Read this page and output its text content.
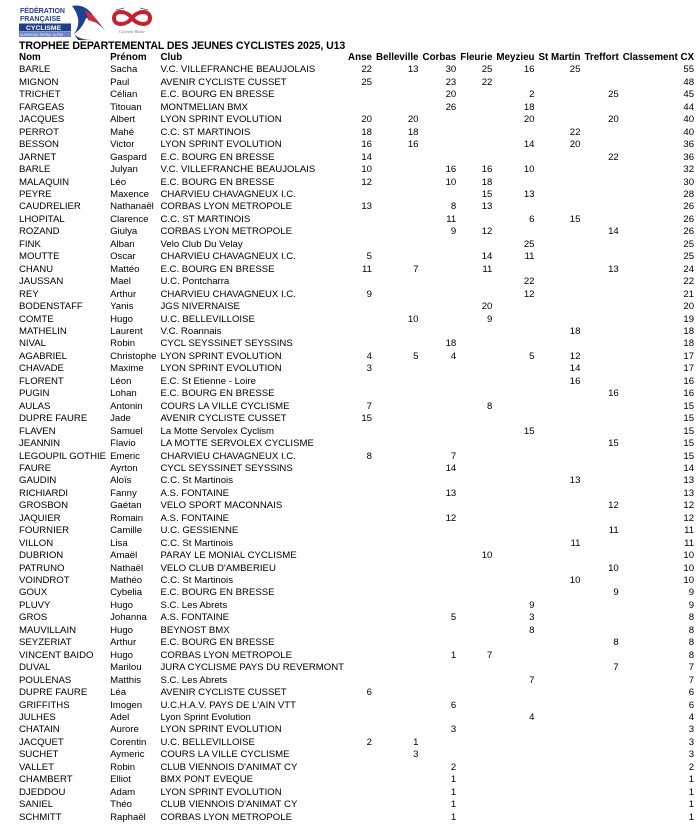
FÉDÉRATION
FRANÇAISE
CYCLISME
AUVERGNE-RHÔNE-ALPES
Cyclisme Rhône
TROPHEE DEPARTEMENTAL DES JEUNES CYCLISTES 2025, U13
Nom	Prénom	Club	Anse	Belleville	Corbas	Fleurie	Meyzieu	St Martin	Treffort	Classement CX
BARLE	Sacha	V.C. VILLEFRANCHE BEAUJOLAIS	22	13	30	25	16	25		55
MIGNON	Paul	AVENIR CYCLISTE CUSSET	25		23	22				48
TRICHET	Célian	E.C. BOURG EN BRESSE			20		2		25	45
FARGEAS	Titouan	MONTMELIAN BMX			26		18			44
JACQUES	Albert	LYON SPRINT EVOLUTION	20	20			20		20	40
PERROT	Mahé	C.C. ST MARTINOIS	18	18				22		40
BESSON	Victor	LYON SPRINT EVOLUTION	16	16			14	20		36
JARNET	Gaspard	E.C. BOURG EN BRESSE	14						22	36
BARLE	Julyan	V.C. VILLEFRANCHE BEAUJOLAIS	10		16	16	10			32
MALAQUIN	Léo	E.C. BOURG EN BRESSE	12		10	18				30
PEYRE	Maxence	CHARVIEU CHAVAGNEUX I.C.				15	13			28
CAUDRELIER	Nathanaël	CORBAS LYON METROPOLE	13		8	13				26
LHOPITAL	Clarence	C.C. ST MARTINOIS			11		6	15		26
ROZAND	Giulya	CORBAS LYON METROPOLE			9	12			14	26
FINK	Alban	Velo Club Du Velay					25			25
MOUTTE	Oscar	CHARVIEU CHAVAGNEUX I.C.	5			14	11			25
CHANU	Mattéo	E.C. BOURG EN BRESSE	11	7		11			13	24
JAUSSAN	Mael	U.C. Pontcharra					22			22
REY	Arthur	CHARVIEU CHAVAGNEUX I.C.	9				12			21
BODENSTAFF	Yanis	JGS NIVERNAISE				20				20
COMTE	Hugo	U.C. BELLEVILLOISE		10		9				19
MATHELIN	Laurent	V.C. Roannais						18		18
NIVAL	Robin	CYCL SEYSSINET SEYSSINS			18					18
AGABRIEL	Christophe	LYON SPRINT EVOLUTION	4	5	4		5	12		17
CHAVADE	Maxime	LYON SPRINT EVOLUTION	3					14		17
FLORENT	Léon	E.C. St Etienne - Loire						16		16
PUGIN	Lohan	E.C. BOURG EN BRESSE							16	16
AULAS	Antonin	COURS LA VILLE CYCLISME	7			8				15
DUPRE FAURE	Jade	AVENIR CYCLISTE CUSSET	15							15
FLAVEN	Samuel	La Motte Servolex Cyclism					15			15
JEANNIN	Flavio	LA MOTTE SERVOLEX CYCLISME							15	15
LEGOUPIL GOTHIE	Emeric	CHARVIEU CHAVAGNEUX I.C.	8		7					15
FAURE	Ayrton	CYCL SEYSSINET SEYSSINS			14					14
GAUDIN	Aloïs	C.C. St Martinois						13		13
RICHIARDI	Fanny	A.S. FONTAINE			13					13
GROSBON	Gaétan	VELO SPORT MACONNAIS							12	12
JAQUIER	Romain	A.S. FONTAINE			12					12
FOURNIER	Camille	U.C. GESSIENNE							11	11
VILLON	Lisa	C.C. St Martinois						11		11
DUBRION	Amaël	PARAY LE MONIAL CYCLISME				10				10
PATRUNO	Nathaël	VELO CLUB D'AMBERIEU							10	10
VOINDROT	Mathéo	C.C. St Martinois						10		10
GOUX	Cybelia	E.C. BOURG EN BRESSE							9	9
PLUVY	Hugo	S.C. Les Abrets					9			9
GROS	Johanna	A.S. FONTAINE			5		3			8
MAUVILLAIN	Hugo	BEYNOST BMX					8			8
SEYZERIAT	Arthur	E.C. BOURG EN BRESSE							8	8
VINCENT BAIDO	Hugo	CORBAS LYON METROPOLE			1	7				8
DUVAL	Marilou	JURA CYCLISME PAYS DU REVERMONT							7	7
POULENAS	Matthis	S.C. Les Abrets					7			7
DUPRE FAURE	Léa	AVENIR CYCLISTE CUSSET	6							6
GRIFFITHS	Imogen	U.C.H.A.V. PAYS DE L'AIN VTT			6					6
JULHES	Adel	Lyon Sprint Evolution					4			4
CHATAIN	Aurore	LYON SPRINT EVOLUTION			3					3
JACQUET	Corentin	U.C. BELLEVILLOISE	2	1						3
SUCHET	Aymeric	COURS LA VILLE CYCLISME		3						3
VALLET	Robin	CLUB VIENNOIS D'ANIMAT CY			2					2
CHAMBERT	Elliot	BMX PONT EVEQUE			1					1
DJEDDOU	Adam	LYON SPRINT EVOLUTION			1					1
SANIEL	Théo	CLUB VIENNOIS D'ANIMAT CY			1					1
SCHMITT	Raphaël	CORBAS LYON METROPOLE			1					1
